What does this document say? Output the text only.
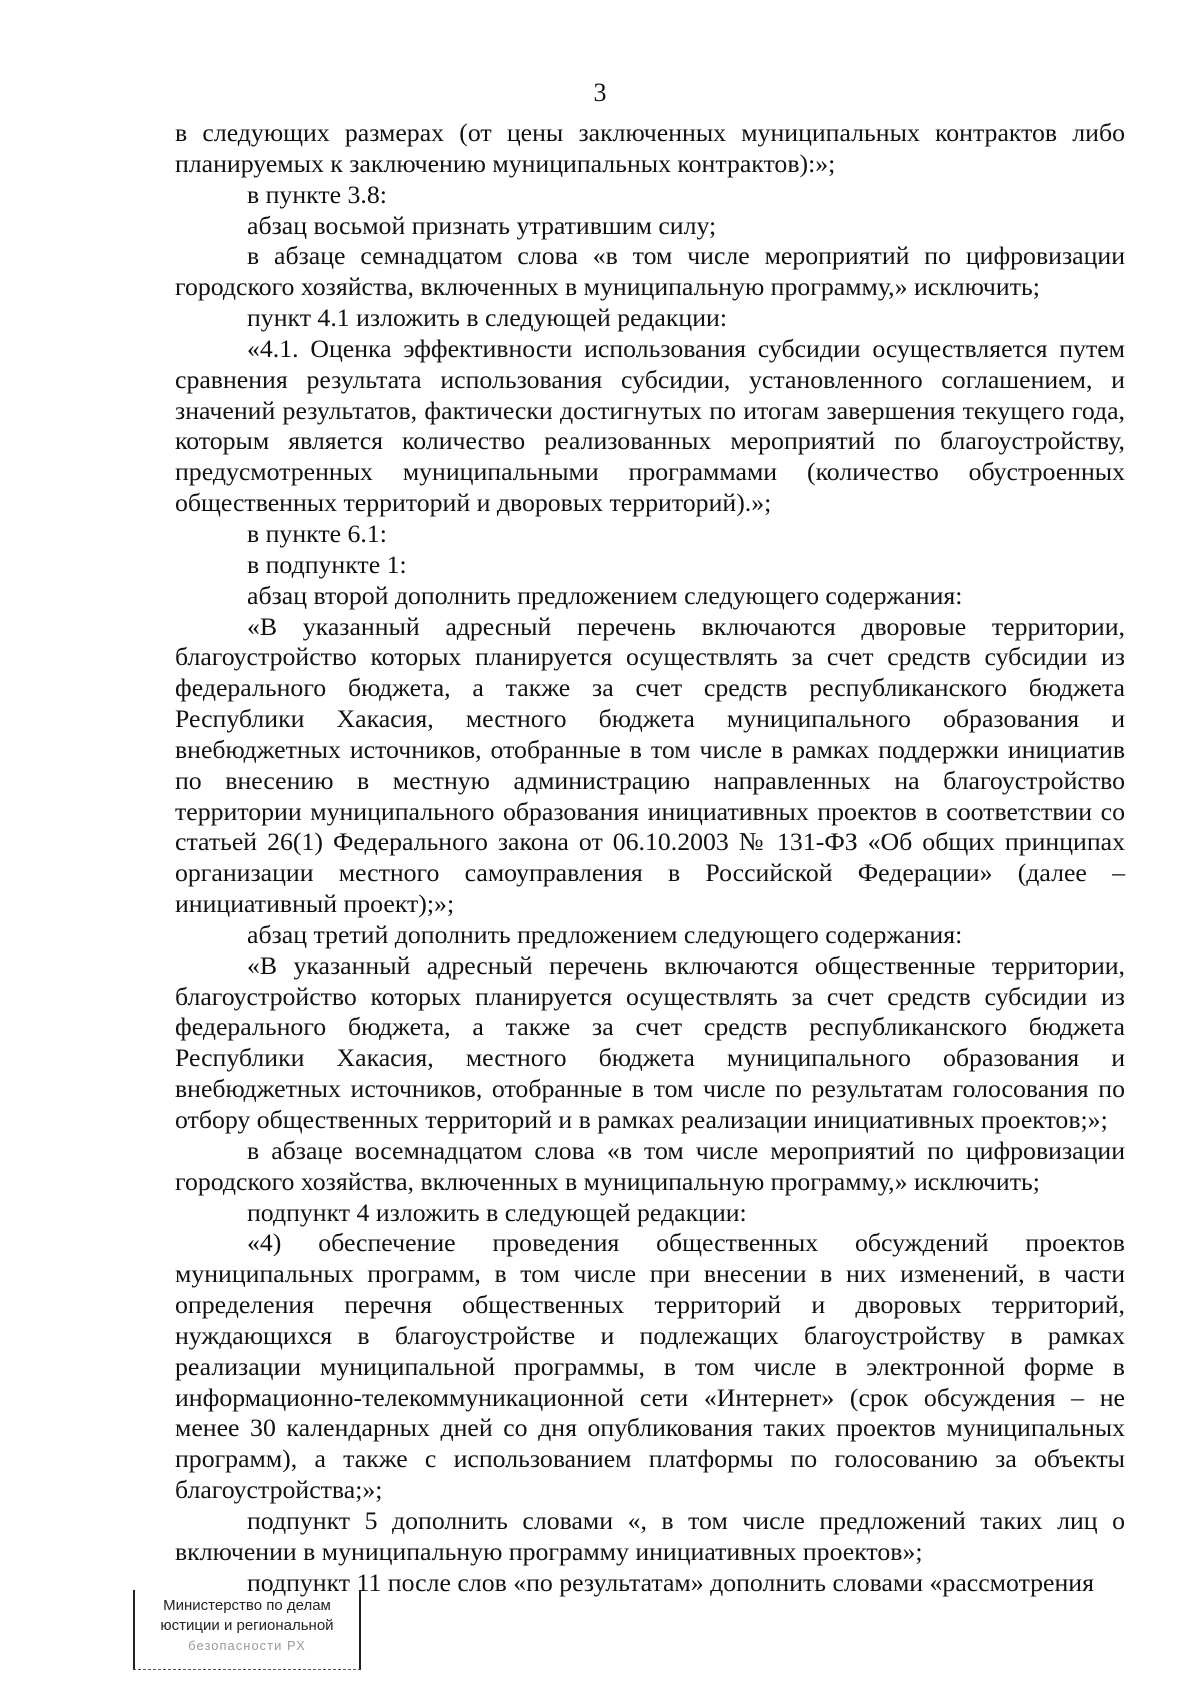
3

в следующих размерах (от цены заключенных муниципальных контрактов либо планируемых к заключению муниципальных контрактов):»;

в пункте 3.8:

абзац восьмой признать утратившим силу;

в абзаце семнадцатом слова «в том числе мероприятий по цифровизации городского хозяйства, включенных в муниципальную программу,» исключить;

пункт 4.1 изложить в следующей редакции:

«4.1. Оценка эффективности использования субсидии осуществляется путем сравнения результата использования субсидии, установленного соглашением, и значений результатов, фактически достигнутых по итогам завершения текущего года, которым является количество реализованных мероприятий по благоустройству, предусмотренных муниципальными программами (количество обустроенных общественных территорий и дворовых территорий).»;

в пункте 6.1:

в подпункте 1:

абзац второй дополнить предложением следующего содержания:

«В указанный адресный перечень включаются дворовые территории, благоустройство которых планируется осуществлять за счет средств субсидии из федерального бюджета, а также за счет средств республиканского бюджета Республики Хакасия, местного бюджета муниципального образования и внебюджетных источников, отобранные в том числе в рамках поддержки инициатив по внесению в местную администрацию направленных на благоустройство территории муниципального образования инициативных проектов в соответствии со статьей 26(1) Федерального закона от 06.10.2003 № 131-ФЗ «Об общих принципах организации местного самоуправления в Российской Федерации» (далее – инициативный проект);»;

абзац третий дополнить предложением следующего содержания:

«В указанный адресный перечень включаются общественные территории, благоустройство которых планируется осуществлять за счет средств субсидии из федерального бюджета, а также за счет средств республиканского бюджета Республики Хакасия, местного бюджета муниципального образования и внебюджетных источников, отобранные в том числе по результатам голосования по отбору общественных территорий и в рамках реализации инициативных проектов;»;

в абзаце восемнадцатом слова «в том числе мероприятий по цифровизации городского хозяйства, включенных в муниципальную программу,» исключить;

подпункт 4 изложить в следующей редакции:

«4) обеспечение проведения общественных обсуждений проектов муниципальных программ, в том числе при внесении в них изменений, в части определения перечня общественных территорий и дворовых территорий, нуждающихся в благоустройстве и подлежащих благоустройству в рамках реализации муниципальной программы, в том числе в электронной форме в информационно-телекоммуникационной сети «Интернет» (срок обсуждения – не менее 30 календарных дней со дня опубликования таких проектов муниципальных программ), а также с использованием платформы по голосованию за объекты благоустройства;»;

подпункт 5 дополнить словами «, в том числе предложений таких лиц о включении в муниципальную программу инициативных проектов»;

подпункт 11 после слов «по результатам» дополнить словами «рассмотрения

Министерство по делам
юстиции и региональной
безопасности РХ
